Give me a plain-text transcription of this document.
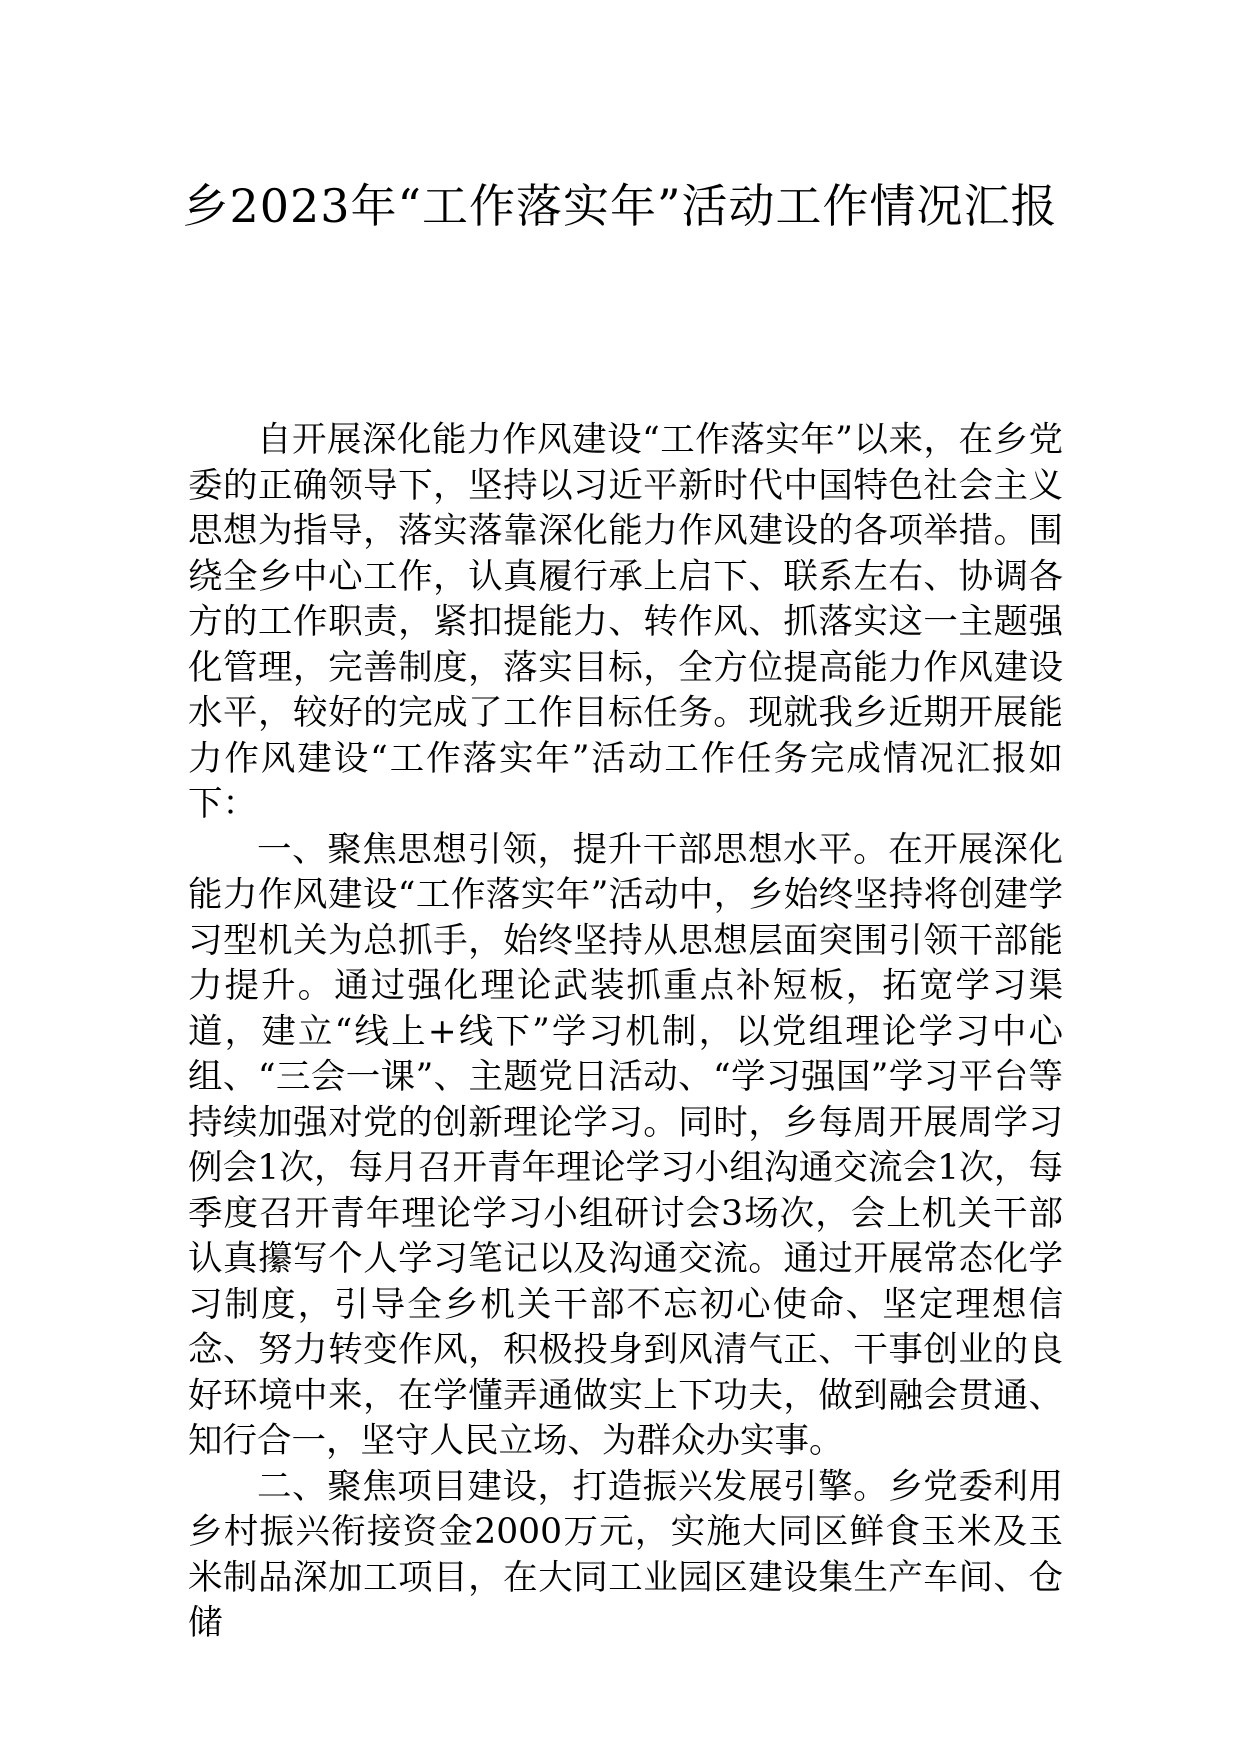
乡2023年“工作落实年”活动工作情况汇报

自开展深化能力作风建设“工作落实年”以来，在乡党委的正确领导下，坚持以习近平新时代中国特色社会主义思想为指导，落实落靠深化能力作风建设的各项举措。围绕全乡中心工作，认真履行承上启下、联系左右、协调各方的工作职责，紧扣提能力、转作风、抓落实这一主题强化管理，完善制度，落实目标，全方位提高能力作风建设水平，较好的完成了工作目标任务。现就我乡近期开展能力作风建设“工作落实年”活动工作任务完成情况汇报如下：

一、聚焦思想引领，提升干部思想水平。在开展深化能力作风建设“工作落实年”活动中，乡始终坚持将创建学习型机关为总抓手，始终坚持从思想层面突围引领干部能力提升。通过强化理论武装抓重点补短板，拓宽学习渠道，建立“线上+线下”学习机制，以党组理论学习中心组、“三会一课”、主题党日活动、“学习强国”学习平台等持续加强对党的创新理论学习。同时，乡每周开展周学习例会1次，每月召开青年理论学习小组沟通交流会1次，每季度召开青年理论学习小组研讨会3场次，会上机关干部认真攥写个人学习笔记以及沟通交流。通过开展常态化学习制度，引导全乡机关干部不忘初心使命、坚定理想信念、努力转变作风，积极投身到风清气正、干事创业的良好环境中来，在学懂弄通做实上下功夫，做到融会贯通、知行合一，坚守人民立场、为群众办实事。

二、聚焦项目建设，打造振兴发展引擎。乡党委利用乡村振兴衔接资金2000万元，实施大同区鲜食玉米及玉米制品深加工项目，在大同工业园区建设集生产车间、仓储
